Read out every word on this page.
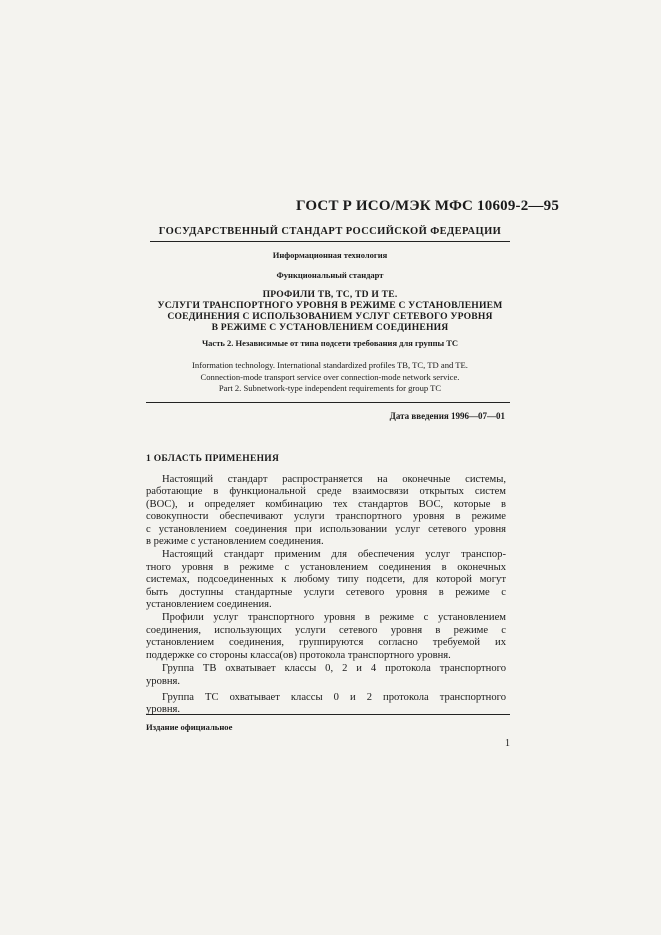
ГОСТ Р ИСО/МЭК МФС 10609-2—95
ГОСУДАРСТВЕННЫЙ СТАНДАРТ РОССИЙСКОЙ ФЕДЕРАЦИИ
Информационная технология
Функциональный стандарт
ПРОФИЛИ ТВ, ТС, TD И ТЕ.
УСЛУГИ ТРАНСПОРТНОГО УРОВНЯ В РЕЖИМЕ С УСТАНОВЛЕНИЕМ
СОЕДИНЕНИЯ С ИСПОЛЬЗОВАНИЕМ УСЛУГ СЕТЕВОГО УРОВНЯ
В РЕЖИМЕ С УСТАНОВЛЕНИЕМ СОЕДИНЕНИЯ
Часть 2. Независимые от типа подсети требования для группы ТС
Information technology. International standardized profiles TB, TC, TD and TE.
Connection-mode transport service over connection-mode network service.
Part 2. Subnetwork-type independent requirements for group TC
Дата введения 1996—07—01
1 ОБЛАСТЬ ПРИМЕНЕНИЯ

Настоящий стандарт распространяется на оконечные системы,
работающие в функциональной среде взаимосвязи открытых систем
(ВОС), и определяет комбинацию тех стандартов ВОС, которые в
совокупности обеспечивают услуги транспортного уровня в режиме
с установлением соединения при использовании услуг сетевого уровня
в режиме с установлением соединения.

Настоящий стандарт применим для обеспечения услуг транспор-
тного уровня в режиме с установлением соединения в оконечных
системах, подсоединенных к любому типу подсети, для которой могут
быть доступны стандартные услуги сетевого уровня в режиме с
установлением соединения.

Профили услуг транспортного уровня в режиме с установлением
соединения, использующих услуги сетевого уровня в режиме с
установлением соединения, группируются согласно требуемой их
поддержке со стороны класса(ов) протокола транспортного уровня.

Группа ТВ охватывает классы 0, 2 и 4 протокола транспортного
уровня.

Группа ТС охватывает классы 0 и 2 протокола транспортного
уровня.

Издание официальное
1
